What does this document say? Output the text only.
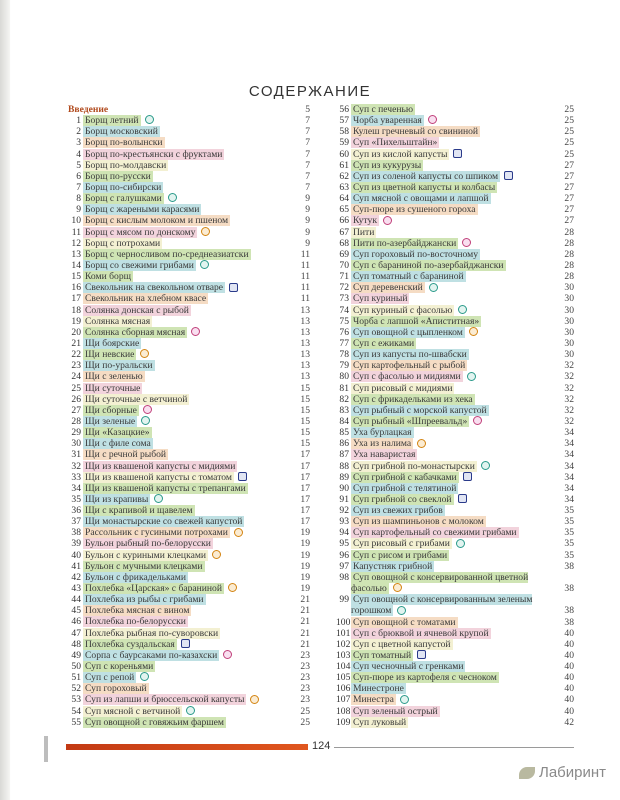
СОДЕРЖАНИЕ
Введение	5
1 Борщ летний	7
2 Борщ московский	7
3 Борщ по-волынски	7
4 Борщ по-крестьянски с фруктами	7
5 Борщ по-молдавски	7
6 Борщ по-русски	7
7 Борщ по-сибирски	7
8 Борщ с галушками	9
9 Борщ с жареными карасями	9
10 Борщ с кислым молоком и пшеном	9
11 Борщ с мясом по донскому	9
12 Борщ с потрохами	9
13 Борщ с черносливом по-среднеазиатски	11
14 Борщ со свежими грибами	11
15 Коми борщ	11
16 Свекольник на свекольном отваре	11
17 Свекольник на хлебном квасе	11
18 Солянка донская с рыбой	13
19 Солянка мясная	13
20 Солянка сборная мясная	13
21 Щи боярские	13
22 Щи невские	13
23 Щи по-уральски	13
24 Щи с зеленью	13
25 Щи суточные	15
26 Щи суточные с ветчиной	15
27 Щи сборные	15
28 Щи зеленые	15
29 Щи «Казацкие»	15
30 Щи с филе сома	15
31 Щи с речной рыбой	17
32 Щи из квашеной капусты с мидиями	17
33 Щи из квашеной капусты с томатом	17
34 Щи из квашеной капусты с трепангами	17
35 Щи из крапивы	17
36 Щи с крапивой и щавелем	17
37 Щи монастырские со свежей капустой	17
38 Рассольник с гусиными потрохами	19
39 Бульон рыбный по-белорусски	19
40 Бульон с куриными клецками	19
41 Бульон с мучными клецками	19
42 Бульон с фрикадельками	19
43 Похлебка «Царская» с бараниной	19
44 Похлебка из рыбы с грибами	21
45 Похлебка мясная с вином	21
46 Похлебка по-белорусски	21
47 Похлебка рыбная по-суворовски	21
48 Похлебка суздальская	21
49 Сорпа с баурсаками по-казахски	23
50 Суп с кореньями	23
51 Суп с репой	23
52 Суп гороховый	23
53 Суп из лапши и брюссельской капусты	23
54 Суп мясной с ветчиной	25
55 Суп овощной с говяжьим фаршем	25
56 Суп с печенью	25
57 Чорба уваренная	25
58 Кулеш гречневый со свининой	25
59 Суп «Пихельштайн»	25
60 Суп из кислой капусты	25
61 Суп из кукурузы	27
62 Суп из соленой капусты со шпиком	27
63 Суп из цветной капусты и колбасы	27
64 Суп мясной с овощами и лапшой	27
65 Суп-пюре из сушеного гороха	27
66 Кутук	27
67 Пити	28
68 Пити по-азербайджански	28
69 Суп гороховый по-восточному	28
70 Суп с бараниной по-азербайджански	28
71 Суп томатный с бараниной	28
72 Суп деревенский	30
73 Суп куриный	30
74 Суп куриный с фасолью	30
75 Чорба с лапшой «Апиститная»	30
76 Суп овощной с цыпленком	30
77 Суп с ежиками	30
78 Суп из капусты по-швабски	30
79 Суп картофельный с рыбой	32
80 Суп с фасолью и мидиями	32
81 Суп рисовый с мидиями	32
82 Суп с фрикадельками из хека	32
83 Суп рыбный с морской капустой	32
84 Суп рыбный «Шпреевальд»	32
85 Уха бурлацкая	34
86 Уха из налима	34
87 Уха наваристая	34
88 Суп грибной по-монастырски	34
89 Суп грибной с кабачками	34
90 Суп грибной с телятиной	34
91 Суп грибной со свеклой	34
92 Суп из свежих грибов	35
93 Суп из шампиньонов с молоком	35
94 Суп картофельный со свежими грибами	35
95 Суп рисовый с грибами	35
96 Суп с рисом и грибами	35
97 Капустняк грибной	38
98 Суп овощной с консервированной цветной фасолью	38
99 Суп овощной с консервированным зеленым горошком	38
100 Суп овощной с томатами	38
101 Суп с брюквой и ячневой крупой	40
102 Суп с цветной капустой	40
103 Суп томатный	40
104 Суп чесночный с гренками	40
105 Суп-пюре из картофеля с чесноком	40
106 Минестроне	40
107 Минестра	40
108 Суп зеленый острый	40
109 Суп луковый	42
124
Лабиринт
